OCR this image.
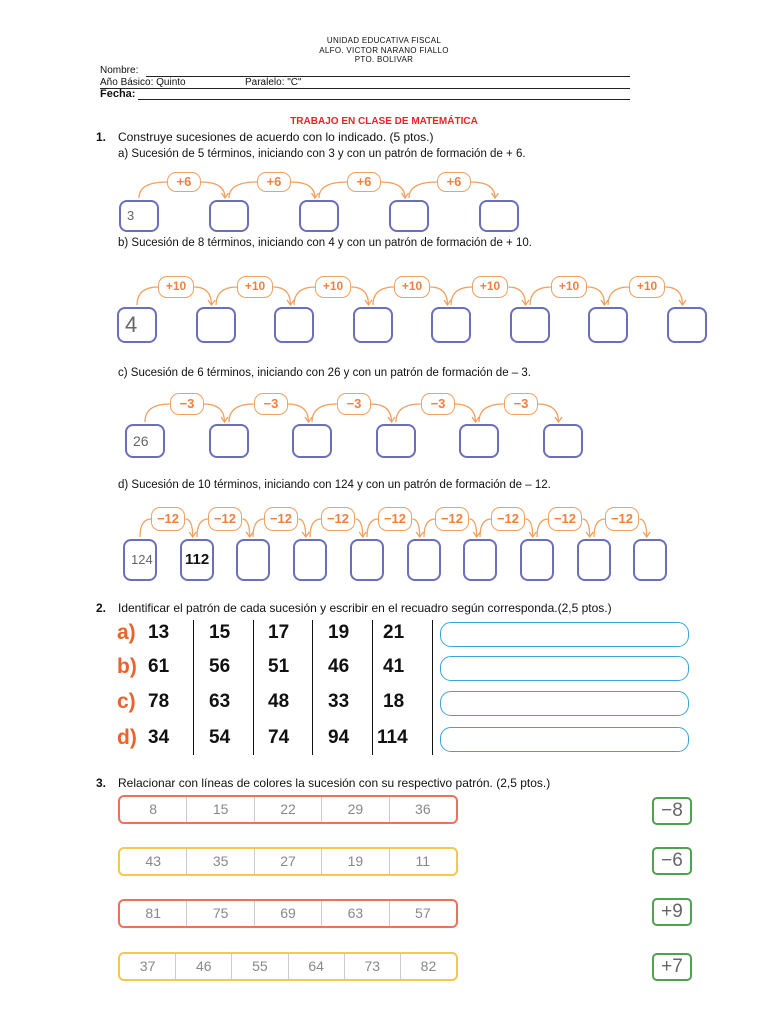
UNIDAD EDUCATIVA FISCAL
ALFO. VICTOR NARANO FIALLO
PTO. BOLIVAR
Nombre:
Año Básico: Quinto	Paralelo: "C"
Fecha:
TRABAJO EN CLASE DE MATEMÁTICA
1. Construye sucesiones de acuerdo con lo indicado. (5 ptos.)
a) Sucesión de 5 términos, iniciando con 3 y con un patrón de formación de + 6.
b) Sucesión de 8 términos, iniciando con 4 y con un patrón de formación de + 10.
c) Sucesión de 6 términos, iniciando con 26 y con un patrón de formación de – 3.
d) Sucesión de 10 términos, iniciando con 124 y con un patrón de formación de – 12.
3
+6	+6	+6	+6
4
+10	+10	+10	+10	+10	+10	+10
26
−3	−3	−3	−3	−3
124
−12
112
−12	−12	−12	−12	−12	−12	−12	−12
2. Identificar el patrón de cada sucesión y escribir en el recuadro según corresponda.(2,5 ptos.)
a) 13 15 17 19 21
b) 61 56 51 46 41
c) 78 63 48 33 18
d) 34 54 74 94 114
3. Relacionar con líneas de colores la sucesión con su respectivo patrón. (2,5 ptos.)
8	15	22	29	36
43	35	27	19	11
81	75	69	63	57
37	46	55	64	73	82
−8
−6
+9
+7
